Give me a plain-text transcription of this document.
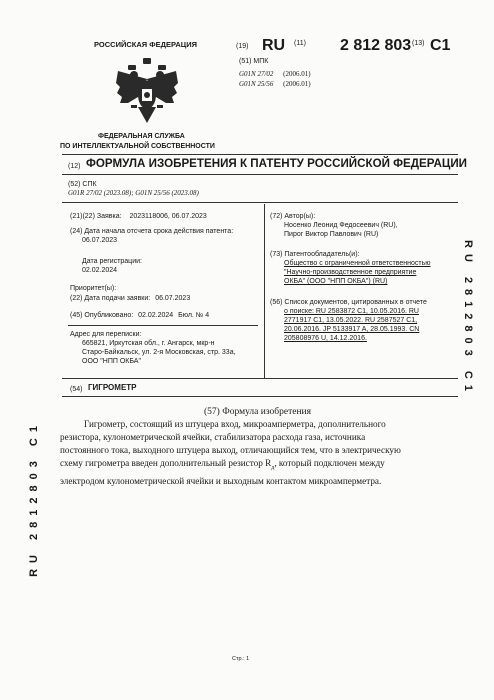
РОССИЙСКАЯ ФЕДЕРАЦИЯ	(19) RU (11) 2 812 803 (13) C1
ФЕДЕРАЛЬНАЯ СЛУЖБА
ПО ИНТЕЛЛЕКТУАЛЬНОЙ СОБСТВЕННОСТИ
(51) МПК
G01N 27/02 (2006.01)
G01N 25/56 (2006.01)
(12) ФОРМУЛА ИЗОБРЕТЕНИЯ К ПАТЕНТУ РОССИЙСКОЙ ФЕДЕРАЦИИ
(52) СПК
G01R 27/02 (2023.08); G01N 25/56 (2023.08)
(21)(22) Заявка: 2023118006, 06.07.2023
(24) Дата начала отсчета срока действия патента:
06.07.2023
Дата регистрации:
02.02.2024
Приоритет(ы):
(22) Дата подачи заявки: 06.07.2023
(45) Опубликовано: 02.02.2024 Бюл. № 4
Адрес для переписки:
665821, Иркутская обл., г. Ангарск, мкр-н
Старо-Байкальск, ул. 2-я Московская, стр. 33а,
ООО "НПП ОКБА"
(72) Автор(ы):
Носенко Леонид Федосеевич (RU),
Пирог Виктор Павлович (RU)
(73) Патентообладатель(и):
Общество с ограниченной ответственностью
"Научно-производственное предприятие
ОКБА" (ООО "НПП ОКБА") (RU)
(56) Список документов, цитированных в отчете
о поиске: RU 2583872 C1, 10.05.2016. RU
2771917 C1, 13.05.2022. RU 2587527 C1,
20.06.2016. JP 5133917 A, 28.05.1993. CN
205808976 U, 14.12.2016.
(54) ГИГРОМЕТР
(57) Формула изобретения
Гигрометр, состоящий из штуцера вход, микроамперметра, дополнительного
резистора, кулонометрической ячейки, стабилизатора расхода газа, источника
постоянного тока, выходного штуцера выход, отличающийся тем, что в электрическую
схему гигрометра введен дополнительный резистор $R_д$, который подключен между
электродом кулонометрической ячейки и выходным контактом микроамперметра.
RU 2812803 C1
RU 2812803 C1
Стр.: 1
